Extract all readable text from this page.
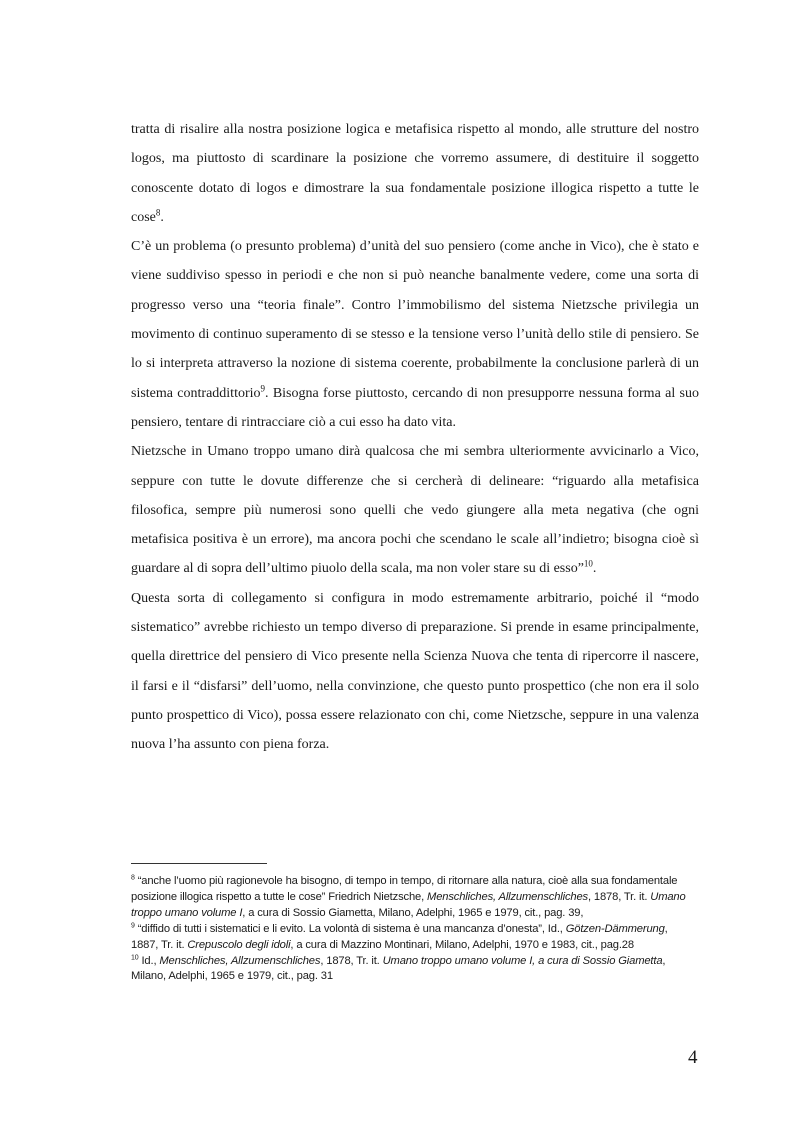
tratta di risalire alla nostra posizione logica e metafisica rispetto al mondo, alle strutture del nostro logos, ma piuttosto di scardinare la posizione che vorremo assumere, di destituire il soggetto conoscente dotato di logos e dimostrare la sua fondamentale posizione illogica rispetto a tutte le cose$^8$.

C’è un problema (o presunto problema) d’unità del suo pensiero (come anche in Vico), che è stato e viene suddiviso spesso in periodi e che non si può neanche banalmente vedere, come una sorta di progresso verso una “teoria finale”. Contro l’immobilismo del sistema Nietzsche privilegia un movimento di continuo superamento di se stesso e la tensione verso l’unità dello stile di pensiero. Se lo si interpreta attraverso la nozione di sistema coerente, probabilmente la conclusione parlerà di un sistema contraddittorio$^9$. Bisogna forse piuttosto, cercando di non presupporre nessuna forma al suo pensiero, tentare di rintracciare ciò a cui esso ha dato vita.

Nietzsche in Umano troppo umano dirà qualcosa che mi sembra ulteriormente avvicinarlo a Vico, seppure con tutte le dovute differenze che si cercherà di delineare: “riguardo alla metafisica filosofica, sempre più numerosi sono quelli che vedo giungere alla meta negativa (che ogni metafisica positiva è un errore), ma ancora pochi che scendano le scale all’indietro; bisogna cioè sì guardare al di sopra dell’ultimo piuolo della scala, ma non voler stare su di esso”$^{10}$.

Questa sorta di collegamento si configura in modo estremamente arbitrario, poiché il “modo sistematico” avrebbe richiesto un tempo diverso di preparazione. Si prende in esame principalmente, quella direttrice del pensiero di Vico presente nella Scienza Nuova che tenta di ripercorre il nascere, il farsi e il “disfarsi” dell’uomo, nella convinzione, che questo punto prospettico (che non era il solo punto prospettico di Vico), possa essere relazionato con chi, come Nietzsche, seppure in una valenza nuova l’ha assunto con piena forza.

$^8$ “anche l’uomo più ragionevole ha bisogno, di tempo in tempo, di ritornare alla natura, cioè alla sua fondamentale posizione illogica rispetto a tutte le cose” Friedrich Nietzsche, Menschliches, Allzumenschliches, 1878, Tr. it. Umano troppo umano volume I, a cura di Sossio Giametta, Milano, Adelphi, 1965 e 1979, cit., pag. 39,

$^9$ “diffido di tutti i sistematici e li evito. La volontà di sistema è una mancanza d’onesta”, Id., Götzen-Dämmerung, 1887, Tr. it. Crepuscolo degli idoli, a cura di Mazzino Montinari, Milano, Adelphi, 1970 e 1983, cit., pag.28

$^{10}$ Id., Menschliches, Allzumenschliches, 1878, Tr. it. Umano troppo umano volume I, a cura di Sossio Giametta, Milano, Adelphi, 1965 e 1979, cit., pag. 31

4
